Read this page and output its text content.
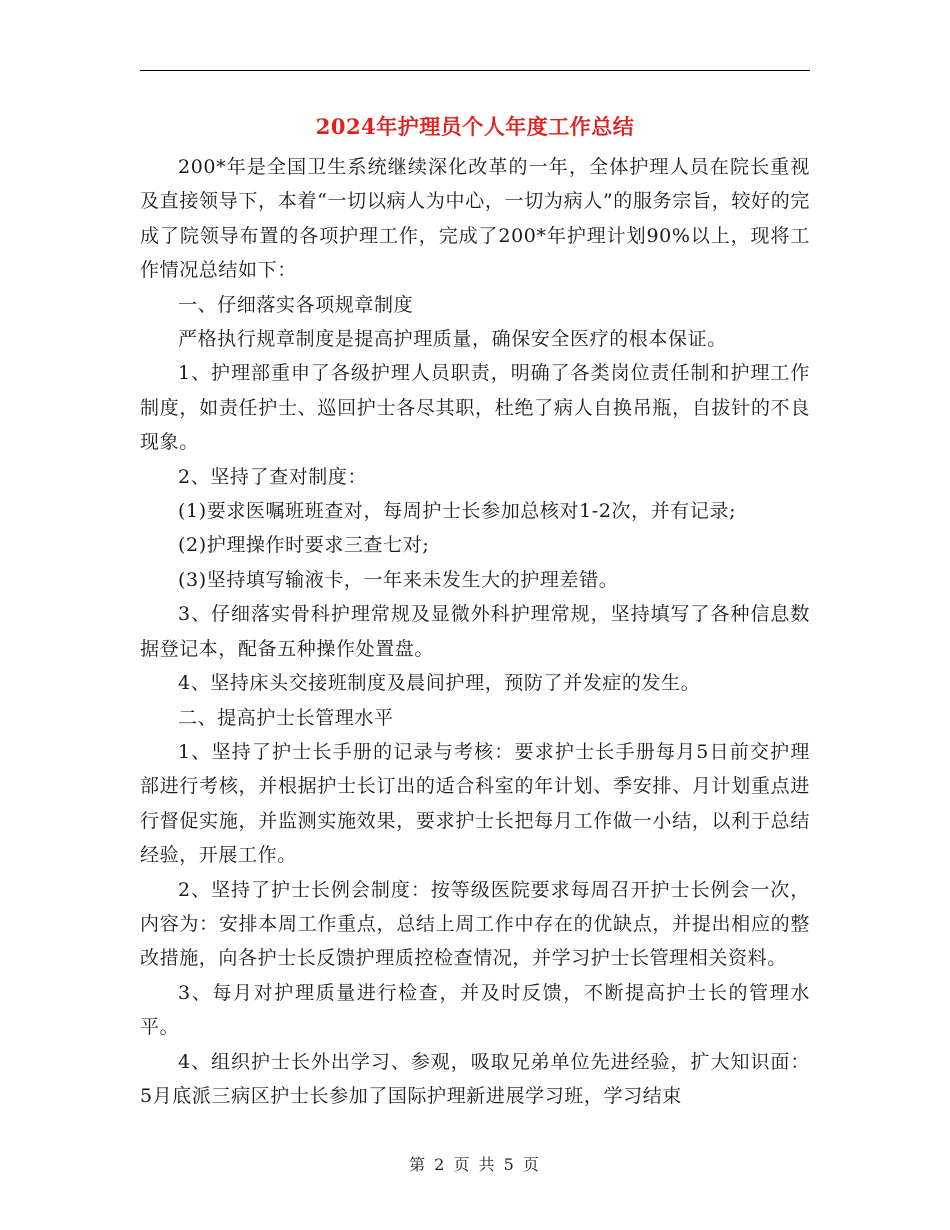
2024年护理员个人年度工作总结

200*年是全国卫生系统继续深化改革的一年，全体护理人员在院长重视及直接领导下，本着“一切以病人为中心，一切为病人”的服务宗旨，较好的完成了院领导布置的各项护理工作，完成了200*年护理计划90%以上，现将工作情况总结如下：

一、仔细落实各项规章制度

严格执行规章制度是提高护理质量，确保安全医疗的根本保证。

1、护理部重申了各级护理人员职责，明确了各类岗位责任制和护理工作制度，如责任护士、巡回护士各尽其职，杜绝了病人自换吊瓶，自拔针的不良现象。

2、坚持了查对制度：

(1)要求医嘱班班查对，每周护士长参加总核对1-2次，并有记录;

(2)护理操作时要求三查七对;

(3)坚持填写输液卡，一年来未发生大的护理差错。

3、仔细落实骨科护理常规及显微外科护理常规，坚持填写了各种信息数据登记本，配备五种操作处置盘。

4、坚持床头交接班制度及晨间护理，预防了并发症的发生。

二、提高护士长管理水平

1、坚持了护士长手册的记录与考核：要求护士长手册每月5日前交护理部进行考核，并根据护士长订出的适合科室的年计划、季安排、月计划重点进行督促实施，并监测实施效果，要求护士长把每月工作做一小结，以利于总结经验，开展工作。

2、坚持了护士长例会制度：按等级医院要求每周召开护士长例会一次，内容为：安排本周工作重点，总结上周工作中存在的优缺点，并提出相应的整改措施，向各护士长反馈护理质控检查情况，并学习护士长管理相关资料。

3、每月对护理质量进行检查，并及时反馈，不断提高护士长的管理水平。

4、组织护士长外出学习、参观，吸取兄弟单位先进经验，扩大知识面：5月底派三病区护士长参加了国际护理新进展学习班，学习结束

第 2 页 共 5 页
